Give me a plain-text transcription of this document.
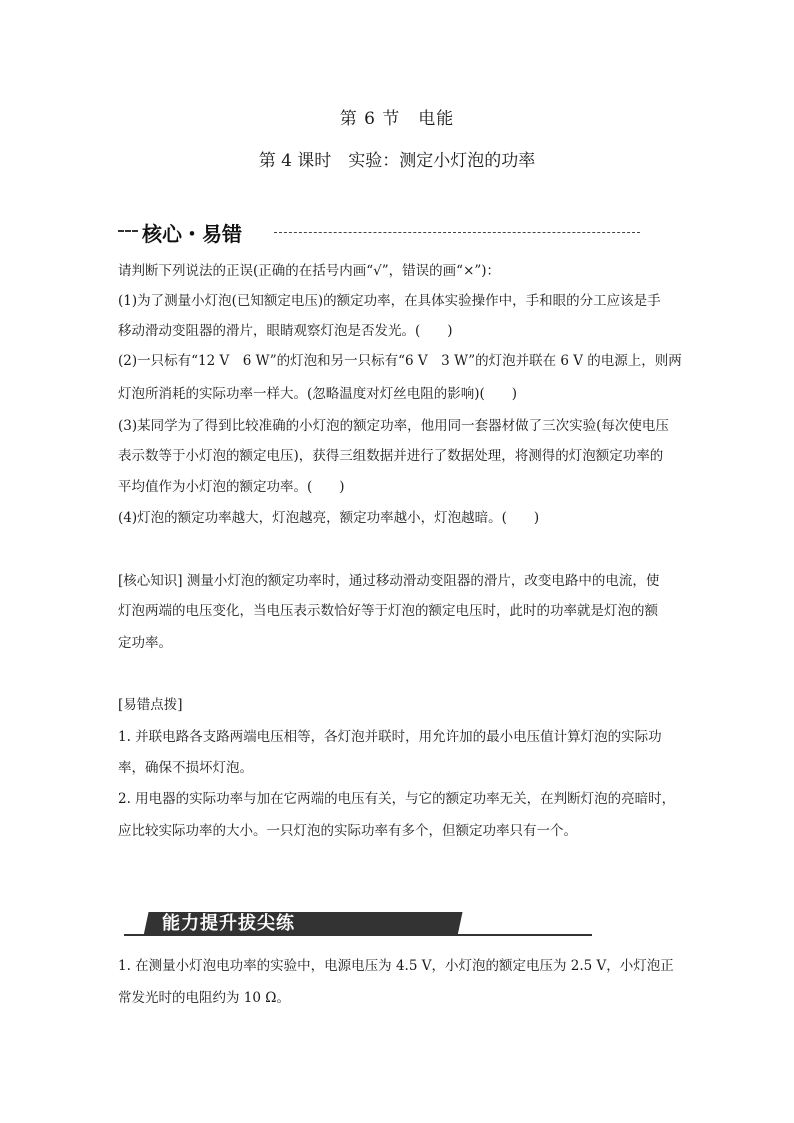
第 6 节　电能
第 4 课时　实验：测定小灯泡的功率
核心・易错
请判断下列说法的正误(正确的在括号内画“√”，错误的画“×”)：
(1)为了测量小灯泡(已知额定电压)的额定功率，在具体实验操作中，手和眼的分工应该是手
移动滑动变阻器的滑片，眼睛观察灯泡是否发光。(　　)
(2)一只标有“12 V　6 W”的灯泡和另一只标有“6 V　3 W”的灯泡并联在 6 V 的电源上，则两
灯泡所消耗的实际功率一样大。(忽略温度对灯丝电阻的影响)(　　)
(3)某同学为了得到比较准确的小灯泡的额定功率，他用同一套器材做了三次实验(每次使电压
表示数等于小灯泡的额定电压)，获得三组数据并进行了数据处理，将测得的灯泡额定功率的
平均值作为小灯泡的额定功率。(　　)
(4)灯泡的额定功率越大，灯泡越亮，额定功率越小，灯泡越暗。(　　)
[核心知识] 测量小灯泡的额定功率时，通过移动滑动变阻器的滑片，改变电路中的电流，使
灯泡两端的电压变化，当电压表示数恰好等于灯泡的额定电压时，此时的功率就是灯泡的额
定功率。
[易错点拨]
1. 并联电路各支路两端电压相等，各灯泡并联时，用允许加的最小电压值计算灯泡的实际功
率，确保不损坏灯泡。
2. 用电器的实际功率与加在它两端的电压有关，与它的额定功率无关，在判断灯泡的亮暗时，
应比较实际功率的大小。一只灯泡的实际功率有多个，但额定功率只有一个。
能力提升拔尖练
1. 在测量小灯泡电功率的实验中，电源电压为 4.5 V，小灯泡的额定电压为 2.5 V，小灯泡正
常发光时的电阻约为 10 Ω。
